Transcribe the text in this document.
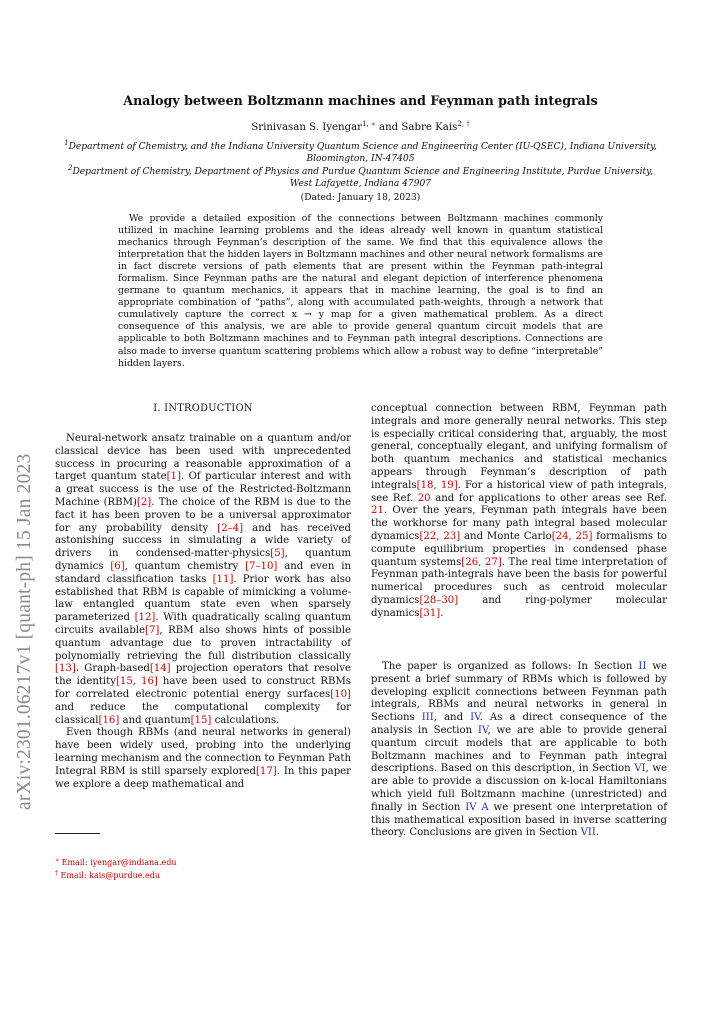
arXiv:2301.06217v1 [quant-ph] 15 Jan 2023
Analogy between Boltzmann machines and Feynman path integrals
Srinivasan S. Iyengar$^{1, ∗}$ and Sabre Kais$^{2, \dagger}$
$^1$Department of Chemistry, and the Indiana University Quantum Science and Engineering Center (IU-QSEC), Indiana University, Bloomington, IN-47405
$^2$Department of Chemistry, Department of Physics and Purdue Quantum Science and Engineering Institute, Purdue University, West Lafayette, Indiana 47907
(Dated: January 18, 2023)
We provide a detailed exposition of the connections between Boltzmann machines commonly utilized in machine learning problems and the ideas already well known in quantum statistical mechanics through Feynman’s description of the same. We find that this equivalence allows the interpretation that the hidden layers in Boltzmann machines and other neural network formalisms are in fact discrete versions of path elements that are present within the Feynman path-integral formalism. Since Feynman paths are the natural and elegant depiction of interference phenomena germane to quantum mechanics, it appears that in machine learning, the goal is to find an appropriate combination of “paths”, along with accumulated path-weights, through a network that cumulatively capture the correct x → y map for a given mathematical problem. As a direct consequence of this analysis, we are able to provide general quantum circuit models that are applicable to both Boltzmann machines and to Feynman path integral descriptions. Connections are also made to inverse quantum scattering problems which allow a robust way to define “interpretable” hidden layers.
I. INTRODUCTION

Neural-network ansatz trainable on a quantum and/or classical device has been used with unprecedented success in procuring a reasonable approximation of a target quantum state[1]. Of particular interest and with a great success is the use of the Restricted-Boltzmann Machine (RBM)[2]. The choice of the RBM is due to the fact it has been proven to be a universal approximator for any probability density [2–4] and has received astonishing success in simulating a wide variety of drivers in condensed-matter-physics[5], quantum dynamics [6], quantum chemistry [7–10] and even in standard classification tasks [11]. Prior work has also established that RBM is capable of mimicking a volume-law entangled quantum state even when sparsely parameterized [12]. With quadratically scaling quantum circuits available[7], RBM also shows hints of possible quantum advantage due to proven intractability of polynomially retrieving the full distribution classically [13]. Graph-based[14] projection operators that resolve the identity[15, 16] have been used to construct RBMs for correlated electronic potential energy surfaces[10] and reduce the computational complexity for classical[16] and quantum[15] calculations.

Even though RBMs (and neural networks in general) have been widely used, probing into the underlying learning mechanism and the connection to Feynman Path Integral RBM is still sparsely explored[17]. In this paper we explore a deep mathematical and

conceptual connection between RBM, Feynman path integrals and more generally neural networks. This step is especially critical considering that, arguably, the most general, conceptually elegant, and unifying formalism of both quantum mechanics and statistical mechanics appears through Feynman’s description of path integrals[18, 19]. For a historical view of path integrals, see Ref. 20 and for applications to other areas see Ref. 21. Over the years, Feynman path integrals have been the workhorse for many path integral based molecular dynamics[22, 23] and Monte Carlo[24, 25] formalisms to compute equilibrium properties in condensed phase quantum systems[26, 27]. The real time interpretation of Feynman path-integrals have been the basis for powerful numerical procedures such as centroid molecular dynamics[28–30] and ring-polymer molecular dynamics[31].

The paper is organized as follows: In Section II we present a brief summary of RBMs which is followed by developing explicit connections between Feynman path integrals, RBMs and neural networks in general in Sections III, and IV. As a direct consequence of the analysis in Section IV, we are able to provide general quantum circuit models that are applicable to both Boltzmann machines and to Feynman path integral descriptions. Based on this description, in Section VI, we are able to provide a discussion on k-local Hamiltonians which yield full Boltzmann machine (unrestricted) and finally in Section IV A we present one interpretation of this mathematical exposition based in inverse scattering theory. Conclusions are given in Section VII.

∗ Email: iyengar@indiana.edu
† Email: kais@purdue.edu
